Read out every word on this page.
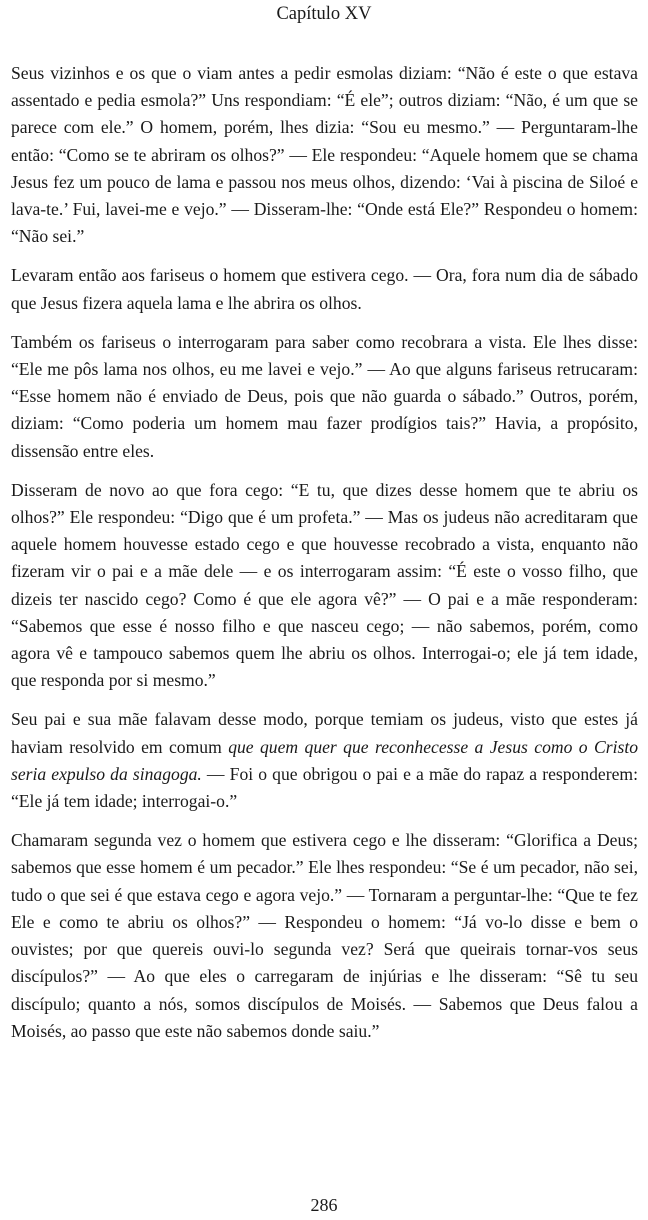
Capítulo XV

Seus vizinhos e os que o viam antes a pedir esmolas diziam: “Não é este o que estava assentado e pedia esmola?” Uns respondiam: “É ele”; outros diziam: “Não, é um que se parece com ele.” O homem, porém, lhes dizia: “Sou eu mesmo.” — Perguntaram-lhe então: “Como se te abriram os olhos?” — Ele respondeu: “Aquele homem que se chama Jesus fez um pouco de lama e passou nos meus olhos, dizendo: ‘Vai à piscina de Siloé e lava-te.’ Fui, lavei-me e vejo.” — Disseram-lhe: “Onde está Ele?” Respondeu o homem: “Não sei.”

Levaram então aos fariseus o homem que estivera cego. — Ora, fora num dia de sábado que Jesus fizera aquela lama e lhe abrira os olhos.

Também os fariseus o interrogaram para saber como recobrara a vista. Ele lhes disse: “Ele me pôs lama nos olhos, eu me lavei e vejo.” — Ao que alguns fariseus retrucaram: “Esse homem não é enviado de Deus, pois que não guarda o sábado.” Outros, porém, diziam: “Como poderia um homem mau fazer prodígios tais?” Havia, a propósito, dissensão entre eles.

Disseram de novo ao que fora cego: “E tu, que dizes desse homem que te abriu os olhos?” Ele respondeu: “Digo que é um profeta.” — Mas os judeus não acreditaram que aquele homem houvesse estado cego e que houvesse recobrado a vista, enquanto não fizeram vir o pai e a mãe dele — e os interrogaram assim: “É este o vosso filho, que dizeis ter nascido cego? Como é que ele agora vê?” — O pai e a mãe responderam: “Sabemos que esse é nosso filho e que nasceu cego; — não sabemos, porém, como agora vê e tampouco sabemos quem lhe abriu os olhos. Interrogai-o; ele já tem idade, que responda por si mesmo.”

Seu pai e sua mãe falavam desse modo, porque temiam os judeus, visto que estes já haviam resolvido em comum que quem quer que reconhecesse a Jesus como o Cristo seria expulso da sinagoga. — Foi o que obrigou o pai e a mãe do rapaz a responderem: “Ele já tem idade; interrogai-o.”

Chamaram segunda vez o homem que estivera cego e lhe disseram: “Glorifica a Deus; sabemos que esse homem é um pecador.” Ele lhes respondeu: “Se é um pecador, não sei, tudo o que sei é que estava cego e agora vejo.” — Tornaram a perguntar-lhe: “Que te fez Ele e como te abriu os olhos?” — Respondeu o homem: “Já vo-lo disse e bem o ouvistes; por que quereis ouvi-lo segunda vez? Será que queirais tornar-vos seus discípulos?” — Ao que eles o carregaram de injúrias e lhe disseram: “Sê tu seu discípulo; quanto a nós, somos discípulos de Moisés. — Sabemos que Deus falou a Moisés, ao passo que este não sabemos donde saiu.”

286
